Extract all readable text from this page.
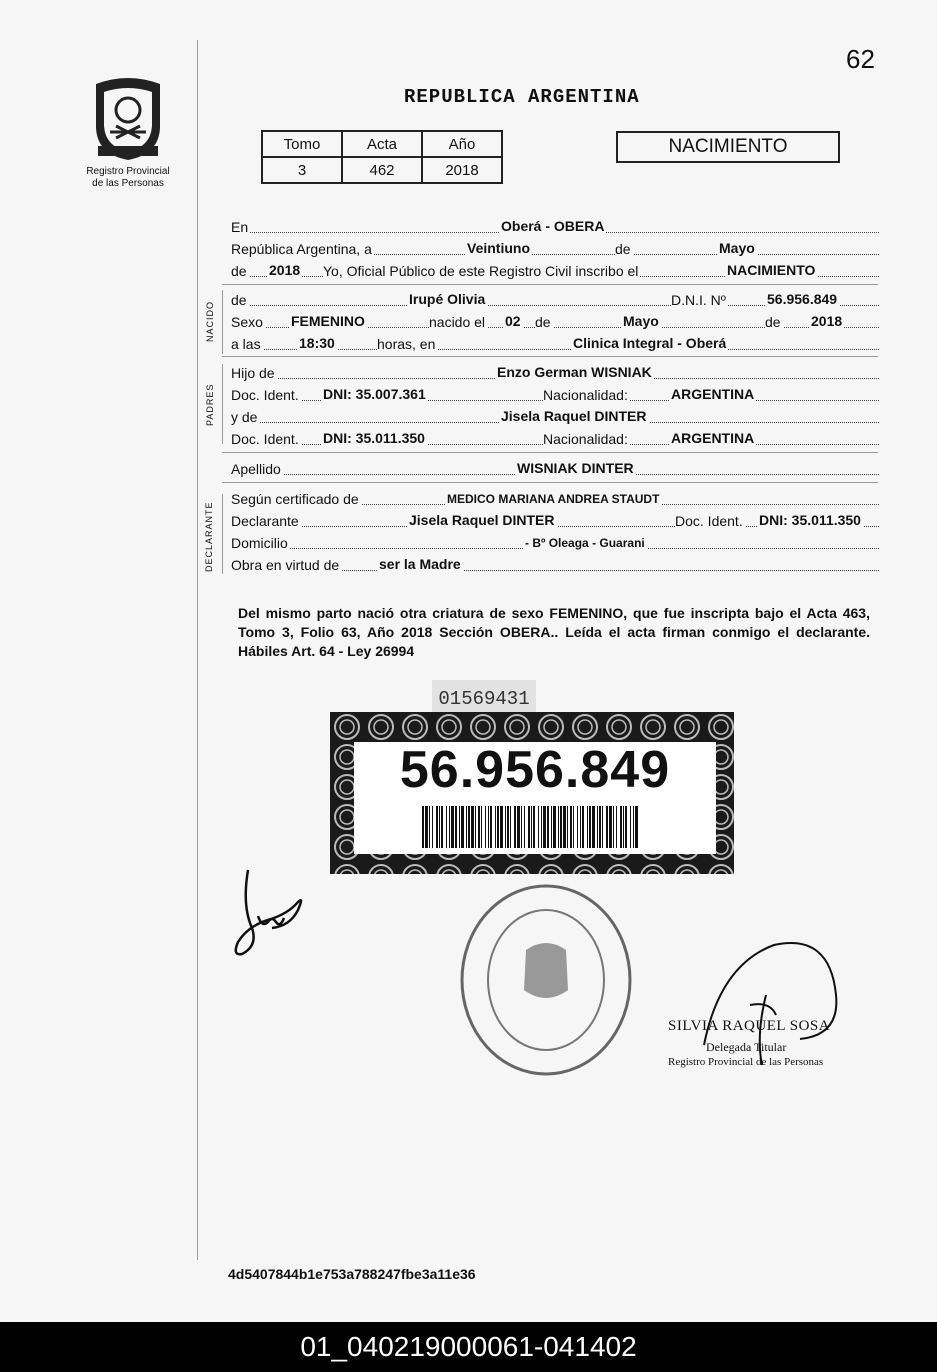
62
Registro Provincial
de las Personas
REPUBLICA ARGENTINA
Tomo	Acta	Año
3	462	2018
NACIMIENTO
En	Oberá - OBERA
República Argentina, a	Veintiuno	de	Mayo
de 2018 Yo, Oficial Público de este Registro Civil inscribo el	NACIMIENTO
NACIDO
de	Irupé Olivia	D.N.I. Nº	56.956.849
Sexo FEMENINO	nacido el 02 de	Mayo	de 2018
a las	18:30	horas, en	Clinica Integral - Oberá
PADRES
Hijo de	Enzo German WISNIAK
Doc. Ident. DNI: 35.007.361	Nacionalidad:	ARGENTINA
y de	Jisela Raquel DINTER
Doc. Ident. DNI: 35.011.350	Nacionalidad:	ARGENTINA
Apellido	WISNIAK DINTER
DECLARANTE
Según certificado de	MEDICO MARIANA ANDREA STAUDT
Declarante	Jisela Raquel DINTER	Doc. Ident. DNI: 35.011.350
Domicilio	- Bº Oleaga - Guarani
Obra en virtud de	ser la Madre
Del mismo parto nació otra criatura de sexo FEMENINO, que fue inscripta bajo el Acta 463, Tomo 3, Folio 63, Año 2018 Sección OBERA.. Leída el acta firman conmigo el declarante. Hábiles Art. 64 - Ley 26994
01569431
56.956.849
SILVIA RAQUEL SOSA
Delegada Titular
Registro Provincial de las Personas
4d5407844b1e753a788247fbe3a11e36
01_040219000061-041402
